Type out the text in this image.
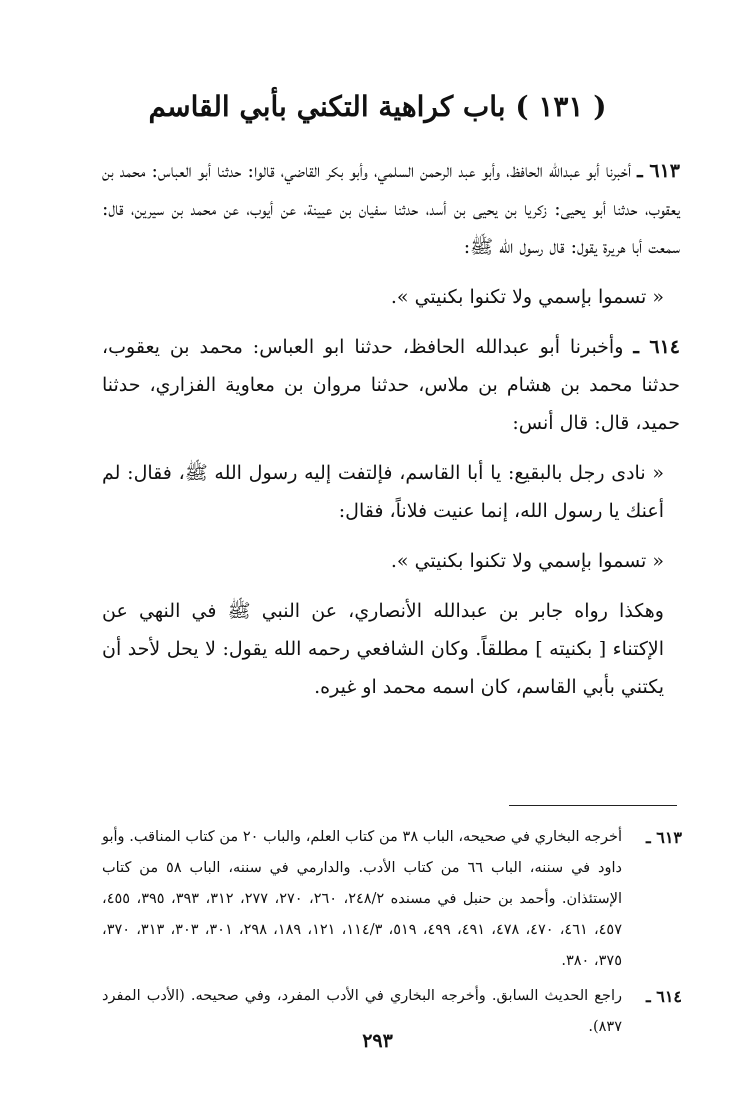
( ١٣١ ) باب كراهية التكني بأبي القاسم

٦١٣ ـ أخبرنا أبو عبدالله الحافظ، وأبو عبد الرحمن السلمي، وأبو بكر القاضي، قالوا: حدثنا أبو العباس: محمد بن يعقوب، حدثنا أبو يحيى: زكريا بن يحيى بن أسد، حدثنا سفيان بن عيينة، عن أيوب، عن محمد بن سيرين، قال: سمعت أبا هريرة يقول: قال رسول الله ﷺ:

« تسموا بإسمي ولا تكنوا بكنيتي ».

٦١٤ ـ وأخبرنا أبو عبدالله الحافظ، حدثنا ابو العباس: محمد بن يعقوب، حدثنا محمد بن هشام بن ملاس، حدثنا مروان بن معاوية الفزاري، حدثنا حميد، قال: قال أنس:

« نادى رجل بالبقيع: يا أبا القاسم، فإلتفت إليه رسول الله ﷺ، فقال: لم أعنك يا رسول الله، إنما عنيت فلاناً، فقال:

« تسموا بإسمي ولا تكنوا بكنيتي ».

وهكذا رواه جابر بن عبدالله الأنصاري، عن النبي ﷺ في النهي عن الإكتناء [ بكنيته ] مطلقاً. وكان الشافعي رحمه الله يقول: لا يحل لأحد أن يكتني بأبي القاسم، كان اسمه محمد او غيره.

٦١٣ ـ
أخرجه البخاري في صحيحه، الباب ٣٨ من كتاب العلم، والباب ٢٠ من كتاب المناقب. وأبو داود في سننه، الباب ٦٦ من كتاب الأدب. والدارمي في سننه، الباب ٥٨ من كتاب الإستئذان. وأحمد بن حنبل في مسنده ٢٤٨/٢، ٢٦٠، ٢٧٠، ٢٧٧، ٣١٢، ٣٩٣، ٣٩٥، ٤٥٥، ٤٥٧، ٤٦١، ٤٧٠، ٤٧٨، ٤٩١، ٤٩٩، ٥١٩، ١١٤/٣، ١٢١، ١٨٩، ٢٩٨، ٣٠١، ٣٠٣، ٣١٣، ٣٧٠، ٣٧٥، ٣٨٠.
٦١٤ ـ
راجع الحديث السابق. وأخرجه البخاري في الأدب المفرد، وفي صحيحه. (الأدب المفرد ٨٣٧).
٢٩٣
